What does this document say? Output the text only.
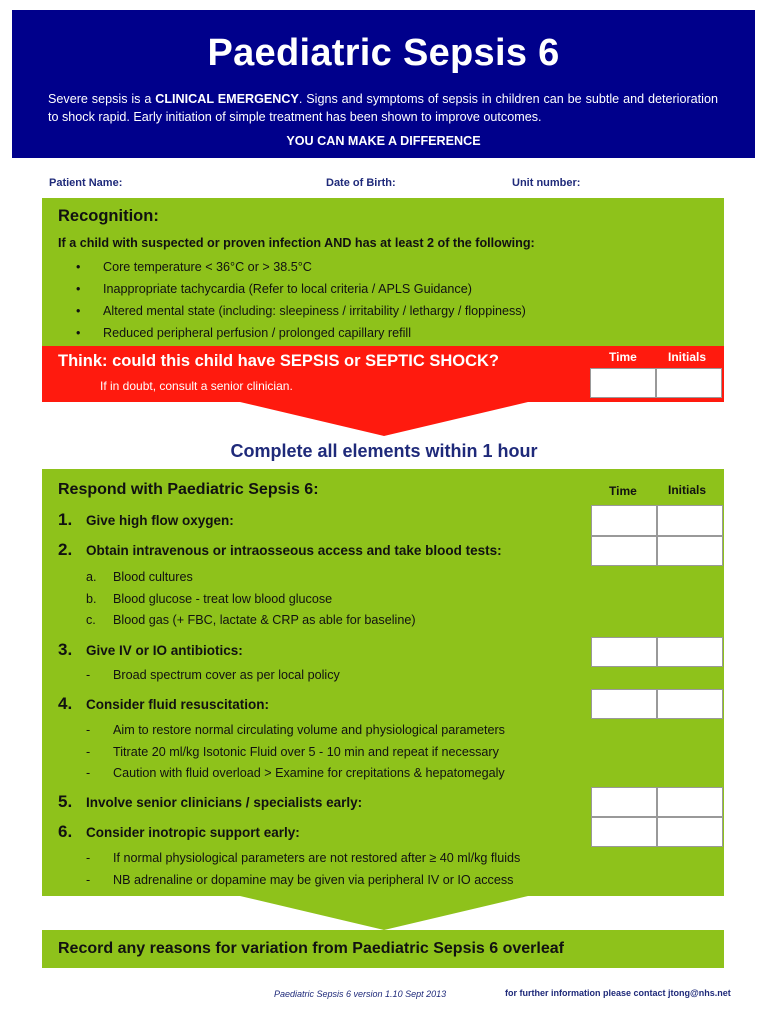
Paediatric Sepsis 6
Severe sepsis is a CLINICAL EMERGENCY. Signs and symptoms of sepsis in children can be subtle and deterioration to shock rapid. Early initiation of simple treatment has been shown to improve outcomes.
YOU CAN MAKE A DIFFERENCE
Patient Name:	Date of Birth:	Unit number:
Recognition:
If a child with suspected or proven infection AND has at least 2 of the following:
• Core temperature < 36°C or > 38.5°C
• Inappropriate tachycardia (Refer to local criteria / APLS Guidance)
• Altered mental state (including: sleepiness / irritability / lethargy / floppiness)
• Reduced peripheral perfusion / prolonged capillary refill
Think: could this child have SEPSIS or SEPTIC SHOCK?
If in doubt, consult a senior clinician.
Time	Initials
Complete all elements within 1 hour
Respond with Paediatric Sepsis 6:	Time	Initials
1. Give high flow oxygen:
2. Obtain intravenous or intraosseous access and take blood tests:
a. Blood cultures
b. Blood glucose - treat low blood glucose
c. Blood gas (+ FBC, lactate & CRP as able for baseline)
3. Give IV or IO antibiotics:
- Broad spectrum cover as per local policy
4. Consider fluid resuscitation:
- Aim to restore normal circulating volume and physiological parameters
- Titrate 20 ml/kg Isotonic Fluid over 5 - 10 min and repeat if necessary
- Caution with fluid overload > Examine for crepitations & hepatomegaly
5. Involve senior clinicians / specialists early:
6. Consider inotropic support early:
- If normal physiological parameters are not restored after ≥ 40 ml/kg fluids
- NB adrenaline or dopamine may be given via peripheral IV or IO access
Record any reasons for variation from Paediatric Sepsis 6 overleaf
Paediatric Sepsis 6 version 1.10 Sept 2013	for further information please contact jtong@nhs.net
